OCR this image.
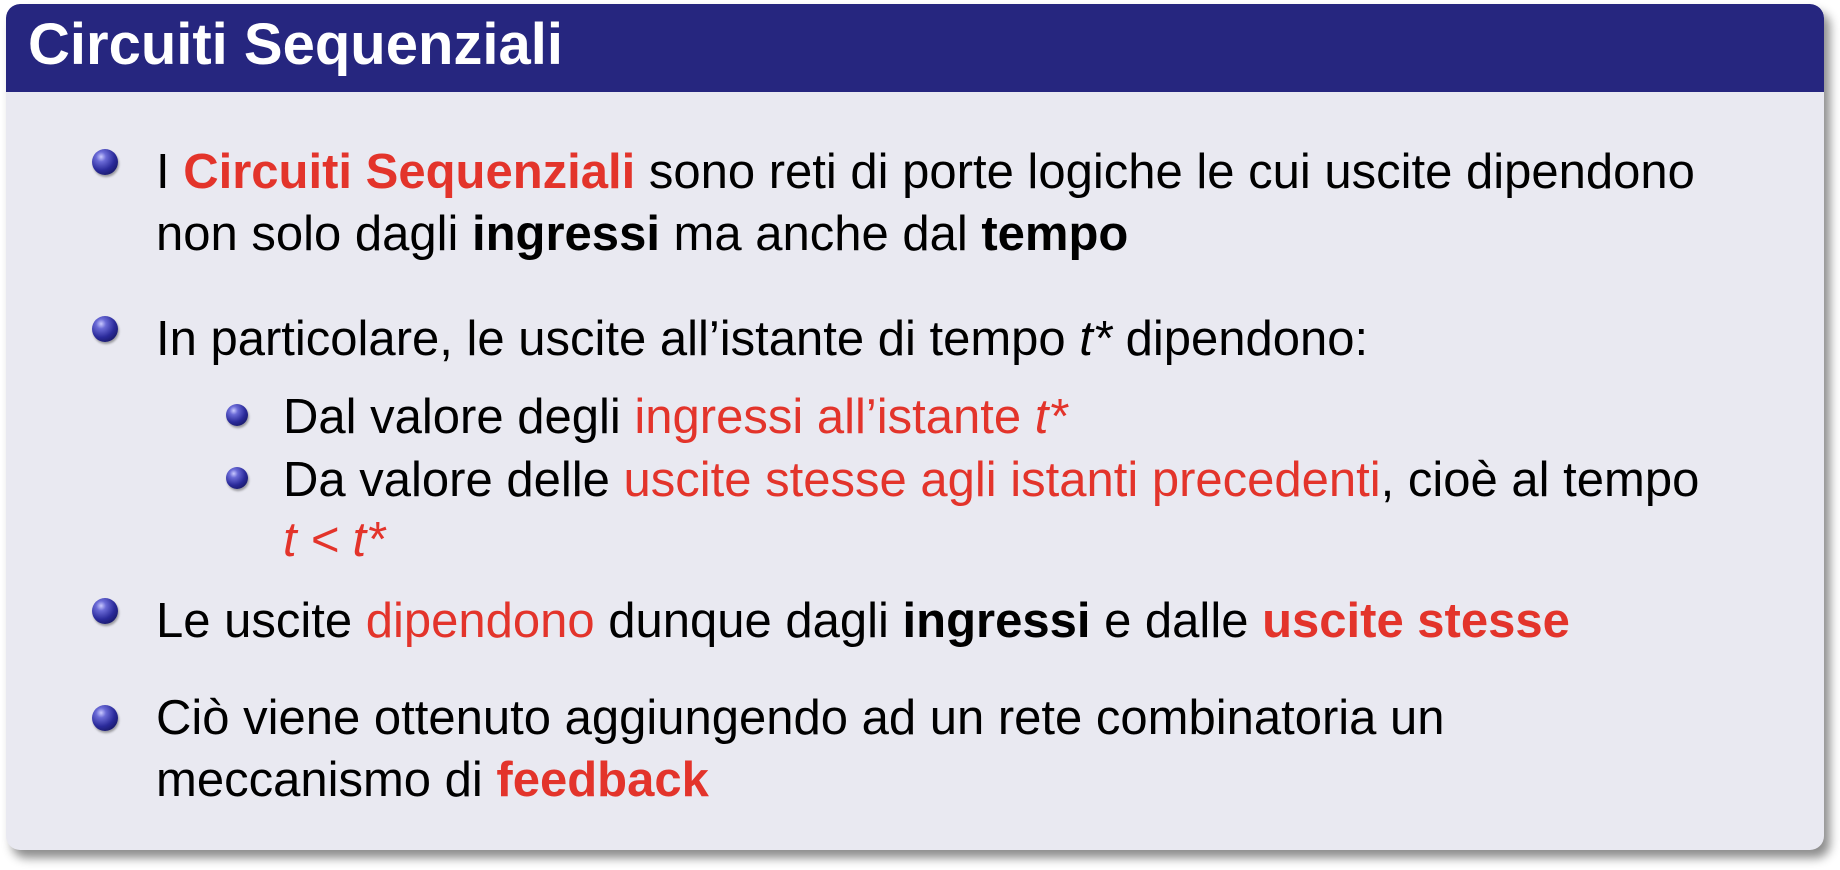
Circuiti Sequenziali
I Circuiti Sequenziali sono reti di porte logiche le cui uscite dipendono
non solo dagli ingressi ma anche dal tempo
In particolare, le uscite all’istante di tempo t* dipendono:
Dal valore degli ingressi all’istante t*
Da valore delle uscite stesse agli istanti precedenti, cioè al tempo
t < t*
Le uscite dipendono dunque dagli ingressi e dalle uscite stesse
Ciò viene ottenuto aggiungendo ad un rete combinatoria un
meccanismo di feedback
